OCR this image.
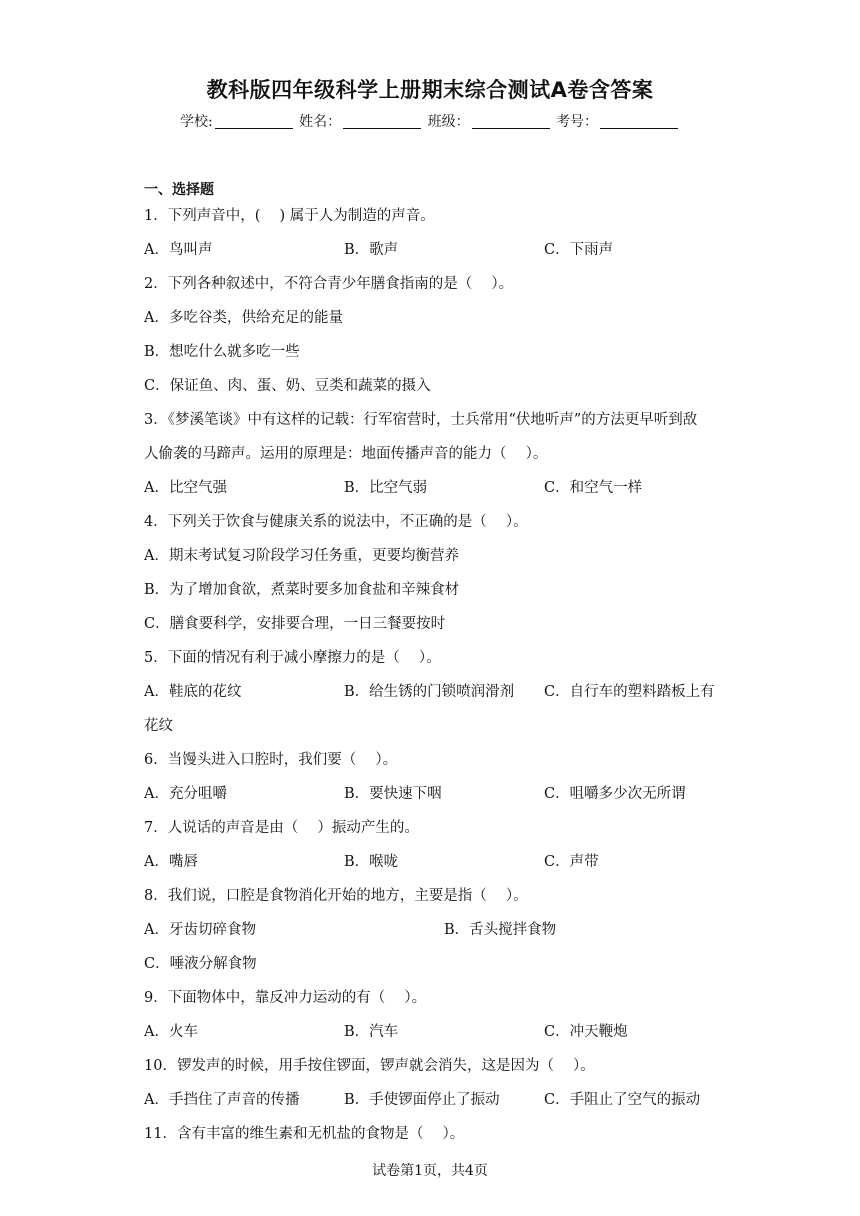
教科版四年级科学上册期末综合测试A卷含答案
学校:	姓名：	班级：	考号：
一、选择题
1．下列声音中，(　 ) 属于人为制造的声音。
A．鸟叫声	B．歌声	C．下雨声
2．下列各种叙述中，不符合青少年膳食指南的是（　 ）。
A．多吃谷类，供给充足的能量
B．想吃什么就多吃一些
C．保证鱼、肉、蛋、奶、豆类和蔬菜的摄入
3．《梦溪笔谈》中有这样的记载：行军宿营时，士兵常用“伏地听声”的方法更早听到敌
人偷袭的马蹄声。运用的原理是：地面传播声音的能力（　 ）。
A．比空气强	B．比空气弱	C．和空气一样
4．下列关于饮食与健康关系的说法中，不正确的是（　 ）。
A．期末考试复习阶段学习任务重，更要均衡营养
B．为了增加食欲，煮菜时要多加食盐和辛辣食材
C．膳食要科学，安排要合理，一日三餐要按时
5．下面的情况有利于减小摩擦力的是（　 ）。
A．鞋底的花纹	B．给生锈的门锁喷润滑剂 C．自行车的塑料踏板上有
花纹
6．当馒头进入口腔时，我们要（　 ）。
A．充分咀嚼	B．要快速下咽	C．咀嚼多少次无所谓
7．人说话的声音是由（　 ）振动产生的。
A．嘴唇	B．喉咙	C．声带
8．我们说，口腔是食物消化开始的地方，主要是指（　 ）。
A．牙齿切碎食物	B．舌头搅拌食物
C．唾液分解食物
9．下面物体中，靠反冲力运动的有（　 ）。
A．火车	B．汽车	C．冲天鞭炮
10．锣发声的时候，用手按住锣面，锣声就会消失，这是因为（　 ）。
A．手挡住了声音的传播	B．手使锣面停止了振动	C．手阻止了空气的振动
11．含有丰富的维生素和无机盐的食物是（　 ）。
试卷第1页，共4页
